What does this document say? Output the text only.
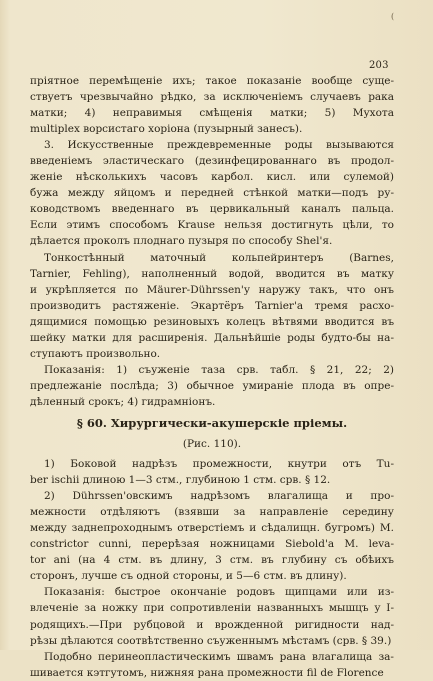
(
203
пріятное перемѣщеніе ихъ; такое показаніе вообще суще-
ствуетъ чрезвычайно рѣдко, за исключеніемъ случаевъ рака
матки; 4) неправимыя смѣщенія матки; 5) Мухота
multiplex ворсистаго хоріона (пузырный занесъ).
3. Искусственные преждевременные роды вызываются
введеніемъ эластическаго (дезинфецированнаго въ продол-
женіе нѣсколькихъ часовъ карбол. кисл. или сулемой)
бужа между яйцомъ и передней стѣнкой матки—подъ ру-
ководствомъ введеннаго въ цервикальный каналъ пальца.
Если этимъ способомъ Krause нельзя достигнуть цѣли, то
дѣлается проколъ плоднаго пузыря по способу Shel'я.
Тонкостѣнный маточный кольпейринтеръ (Barnes,
Tarnier, Fehling), наполненный водой, вводится въ матку
и укрѣпляется по Mäurer-Dührssen'у наружу такъ, что онъ
производитъ растяженіе. Экартёръ Tarnier'а тремя расхо-
дящимися помощью резиновыхъ колецъ вѣтвями вводится въ
шейку матки для расширенія. Дальнѣйшіе роды будто-бы на-
ступаютъ произвольно.
Показанія: 1) съуженіе таза срв. табл. § 21, 22; 2)
предлежаніе послѣда; 3) обычное умираніе плода въ опре-
дѣленный срокъ; 4) гидрамніонъ.
§ 60. Хирургически-акушерскіе пріемы.
(Рис. 110).
1) Боковой надрѣзъ промежности, кнутри отъ Tu-
ber ischii длиною 1—3 стм., глубиною 1 стм. срв. § 12.
2) Dührssen'овскимъ надрѣзомъ влагалища и про-
межности отдѣляютъ (взявши за направленіе середину
между заднепроходнымъ отверстіемъ и сѣдалищн. бугромъ) M.
constrictor cunni, перерѣзая ножницами Siebold'а M. leva-
tor ani (на 4 стм. въ длину, 3 стм. въ глубину съ обѣихъ
сторонъ, лучше съ одной стороны, и 5—6 стм. въ длину).
Показанія: быстрое окончаніе родовъ щипцами или из-
влеченіе за ножку при сопротивленіи названныхъ мышцъ у I-
родящихъ.—При рубцовой и врожденной ригидности над-
рѣзы дѣлаются соотвѣтственно съуженнымъ мѣстамъ (срв. § 39.)
Подобно перинеопластическимъ швамъ рана влагалища за-
шивается кэтгутомъ, нижняя рана промежности fil de Florence
